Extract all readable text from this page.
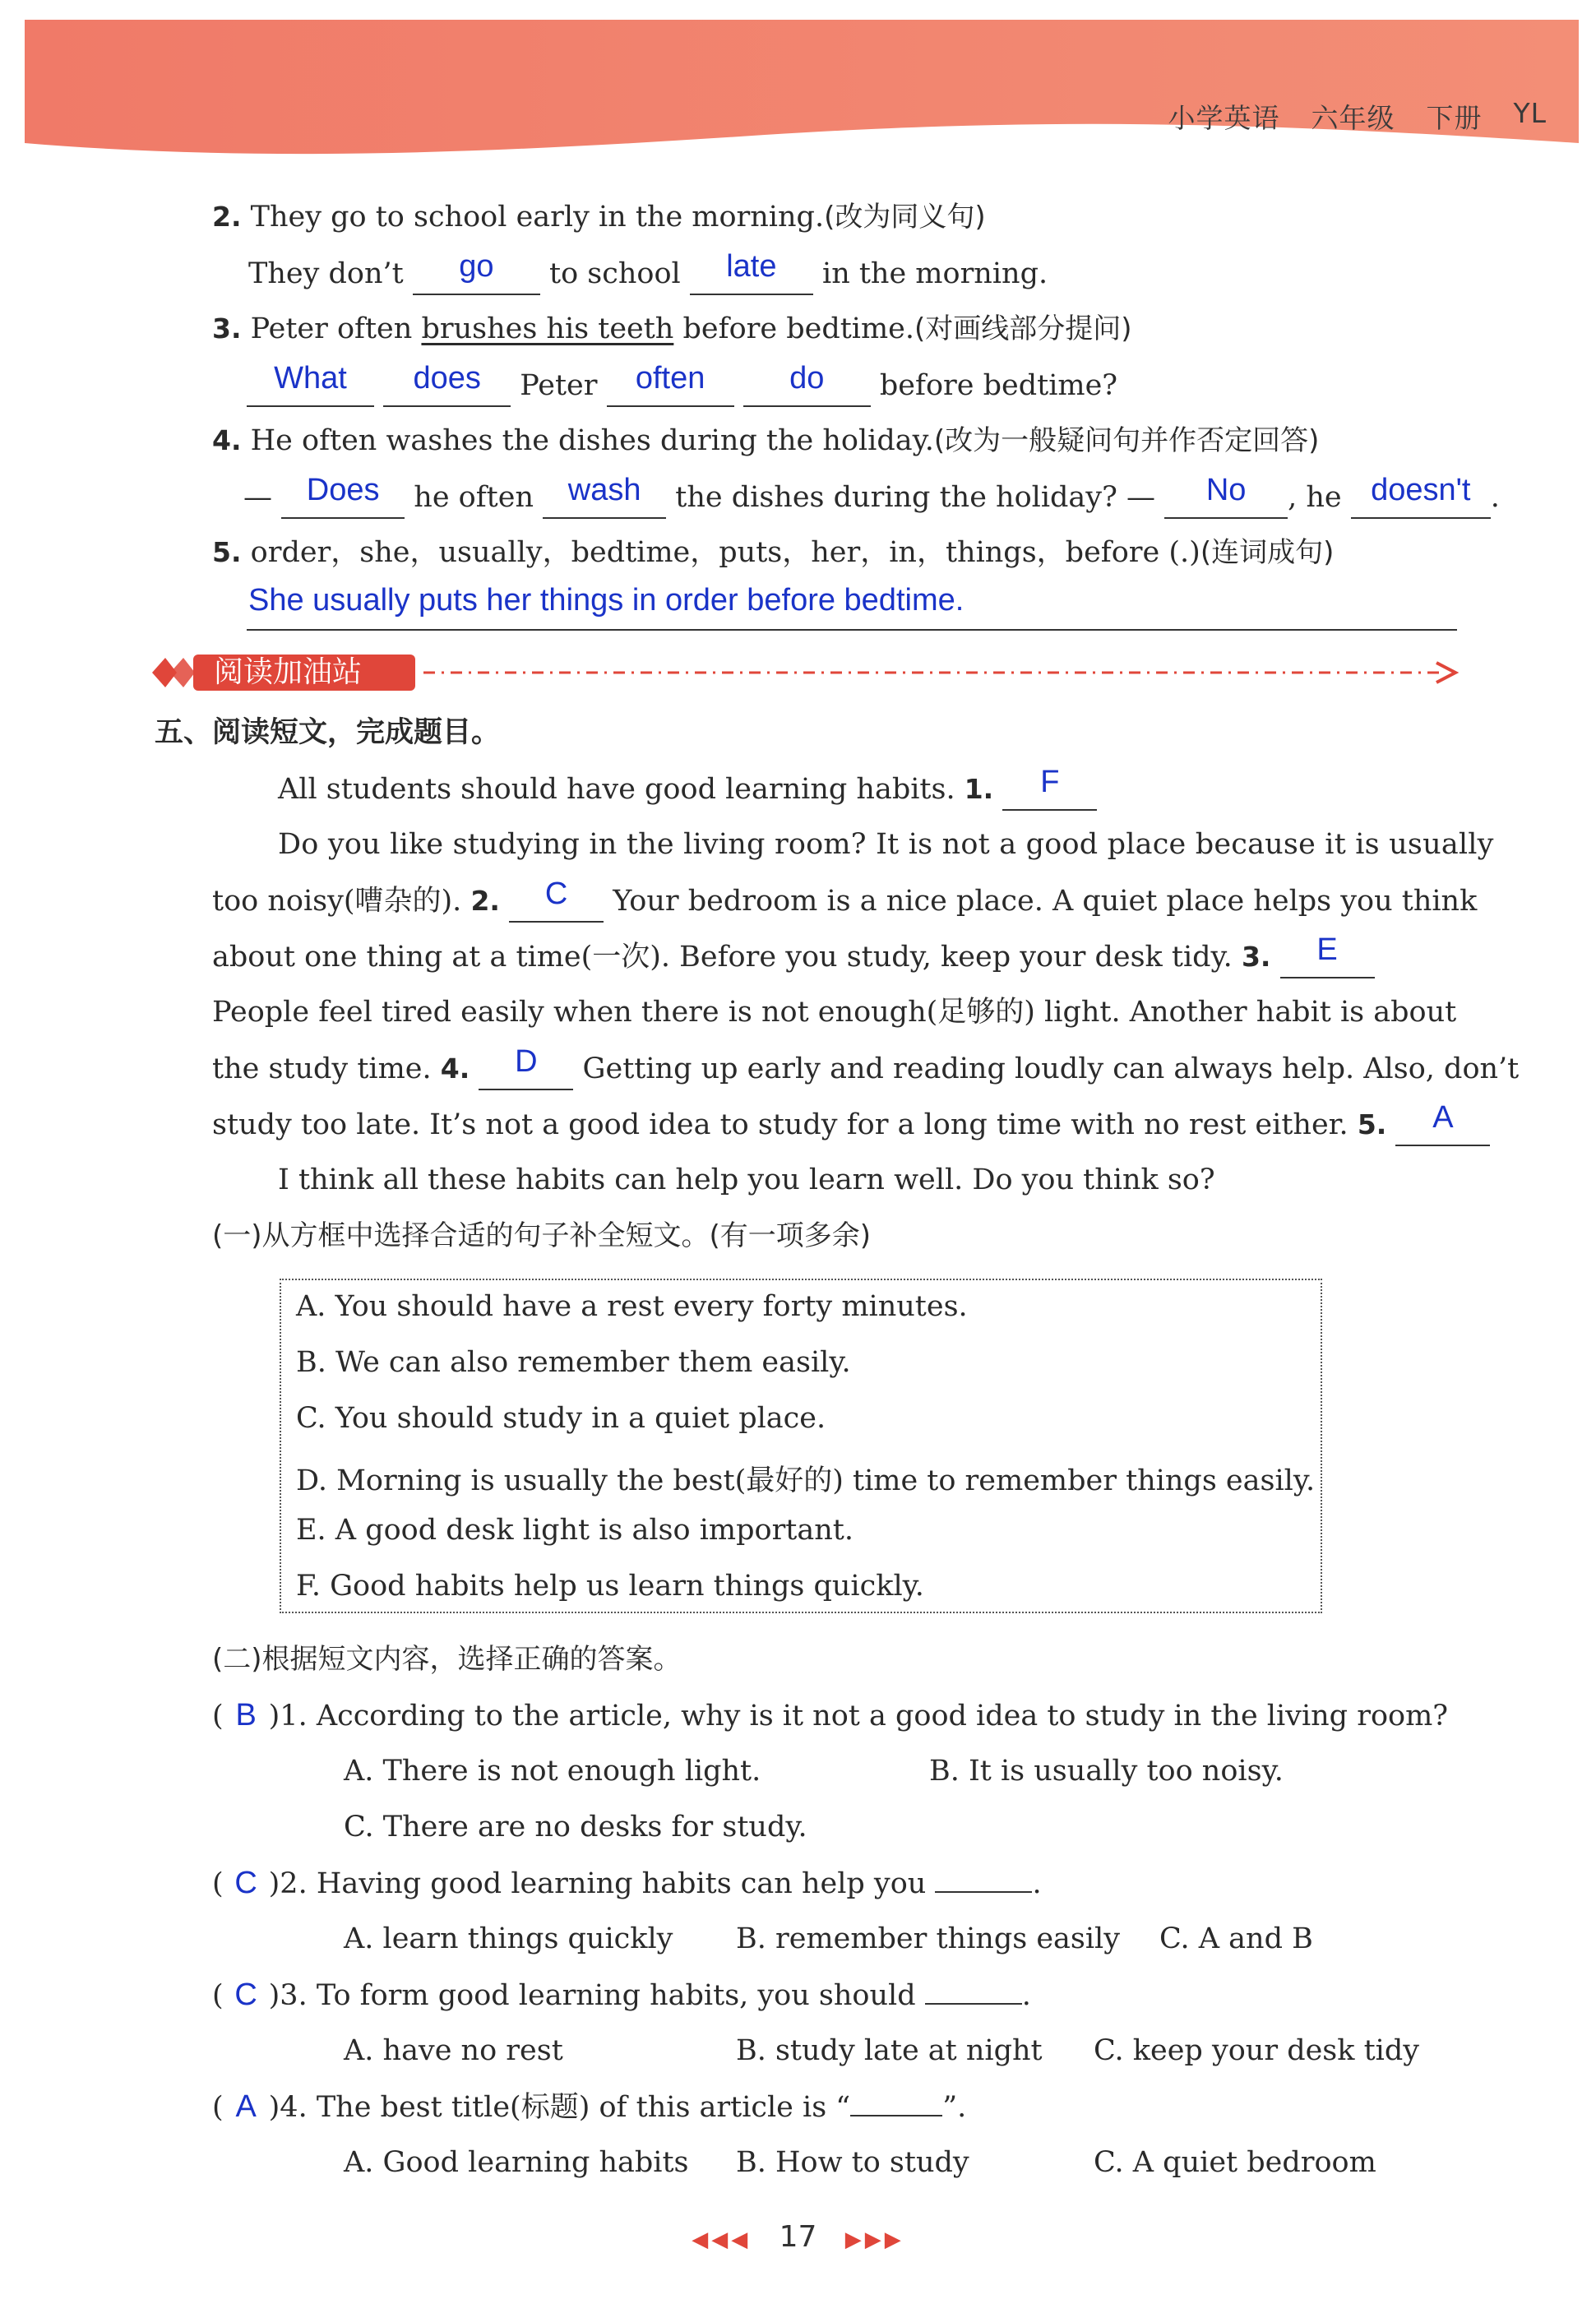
小学英语 六年级 下册 YL
2. They go to school early in the morning.(改为同义句)
They don’t go to school late in the morning.
3. Peter often brushes his teeth before bedtime.(对画线部分提问)
What does Peter often	do before bedtime?
4. He often washes the dishes during the holiday.(改为一般疑问句并作否定回答)
— Does he often wash the dishes during the holiday? — No , he doesn't .
5. order，she，usually，bedtime，puts，her，in，things，before (.)(连词成句)
She usually puts her things in order before bedtime.
阅读加油站
五、阅读短文，完成题目。
All students should have good learning habits. 1. F
Do you like studying in the living room? It is not a good place because it is usually
too noisy(嘈杂的). 2. C Your bedroom is a nice place. A quiet place helps you think
about one thing at a time(一次). Before you study, keep your desk tidy. 3. E
People feel tired easily when there is not enough(足够的) light. Another habit is about
the study time. 4. D Getting up early and reading loudly can always help. Also, don’t
study too late. It’s not a good idea to study for a long time with no rest either. 5. A
I think all these habits can help you learn well. Do you think so?
(一)从方框中选择合适的句子补全短文。(有一项多余)
A. You should have a rest every forty minutes.
B. We can also remember them easily.
C. You should study in a quiet place.
D. Morning is usually the best(最好的) time to remember things easily.
E. A good desk light is also important.
F. Good habits help us learn things quickly.
(二)根据短文内容，选择正确的答案。
( B )1. According to the article, why is it not a good idea to study in the living room?
A. There is not enough light.	B. It is usually too noisy.
C. There are no desks for study.
( C )2. Having good learning habits can help you	.
A. learn things quickly B. remember things easily C. A and B
( C )3. To form good learning habits, you should	.
A. have no rest	B. study late at night C. keep your desk tidy
( A )4. The best title(标题) of this article is “	”.
A. Good learning habits B. How to study	C. A quiet bedroom
◀◀◀ 17 ▶▶▶
